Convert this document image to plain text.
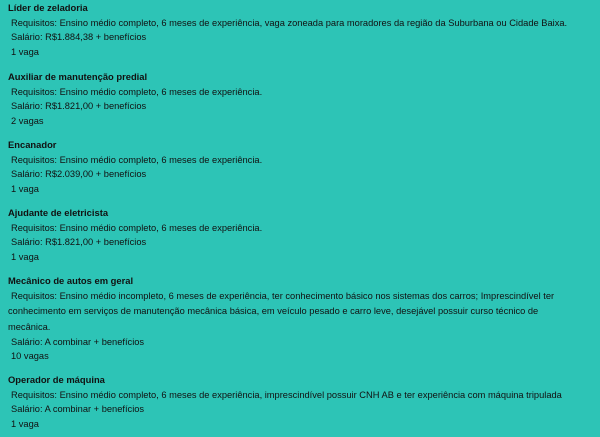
Líder de zeladoria
Requisitos: Ensino médio completo, 6 meses de experiência, vaga zoneada para moradores da região da Suburbana ou Cidade Baixa.
Salário: R$1.884,38 + benefícios
1 vaga
Auxiliar de manutenção predial
Requisitos: Ensino médio completo, 6 meses de experiência.
Salário: R$1.821,00 + benefícios
2 vagas
Encanador
Requisitos: Ensino médio completo, 6 meses de experiência.
Salário: R$2.039,00 + benefícios
1 vaga
Ajudante de eletricista
Requisitos: Ensino médio completo, 6 meses de experiência.
Salário: R$1.821,00 + benefícios
1 vaga
Mecânico de autos em geral
Requisitos: Ensino médio incompleto, 6 meses de experiência, ter conhecimento básico nos sistemas dos carros; Imprescindível ter
conhecimento em serviços de manutenção mecânica básica, em veículo pesado e carro leve, desejável possuir curso técnico de
mecânica.
Salário: A combinar + benefícios
10 vagas
Operador de máquina
Requisitos: Ensino médio completo, 6 meses de experiência, imprescindível possuir CNH AB e ter experiência com máquina tripulada
Salário: A combinar + benefícios
1 vaga
